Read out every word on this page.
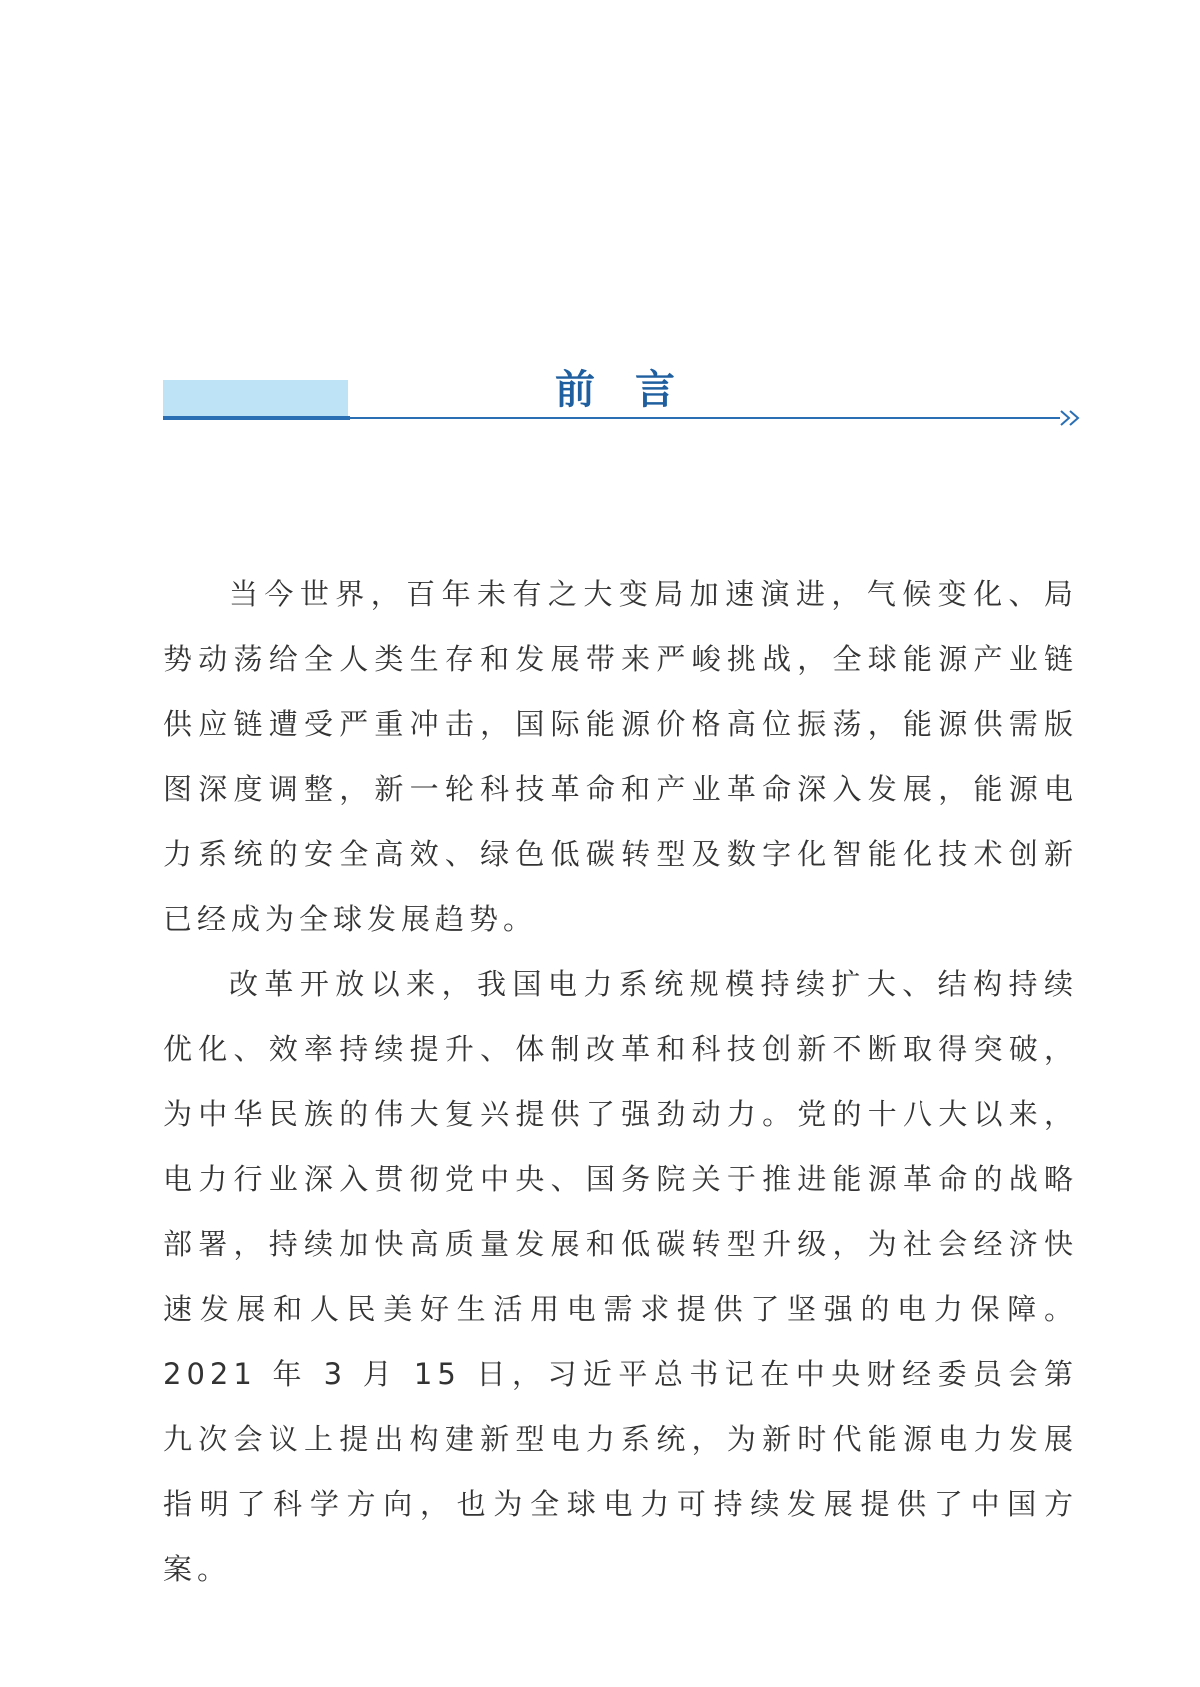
前言

当今世界，百年未有之大变局加速演进，气候变化、局势动荡给全人类生存和发展带来严峻挑战，全球能源产业链供应链遭受严重冲击，国际能源价格高位振荡，能源供需版图深度调整，新一轮科技革命和产业革命深入发展，能源电力系统的安全高效、绿色低碳转型及数字化智能化技术创新已经成为全球发展趋势。

改革开放以来，我国电力系统规模持续扩大、结构持续优化、效率持续提升、体制改革和科技创新不断取得突破，为中华民族的伟大复兴提供了强劲动力。党的十八大以来，电力行业深入贯彻党中央、国务院关于推进能源革命的战略部署，持续加快高质量发展和低碳转型升级，为社会经济快速发展和人民美好生活用电需求提供了坚强的电力保障。2021 年 3 月 15 日，习近平总书记在中央财经委员会第九次会议上提出构建新型电力系统，为新时代能源电力发展指明了科学方向，也为全球电力可持续发展提供了中国方案。
